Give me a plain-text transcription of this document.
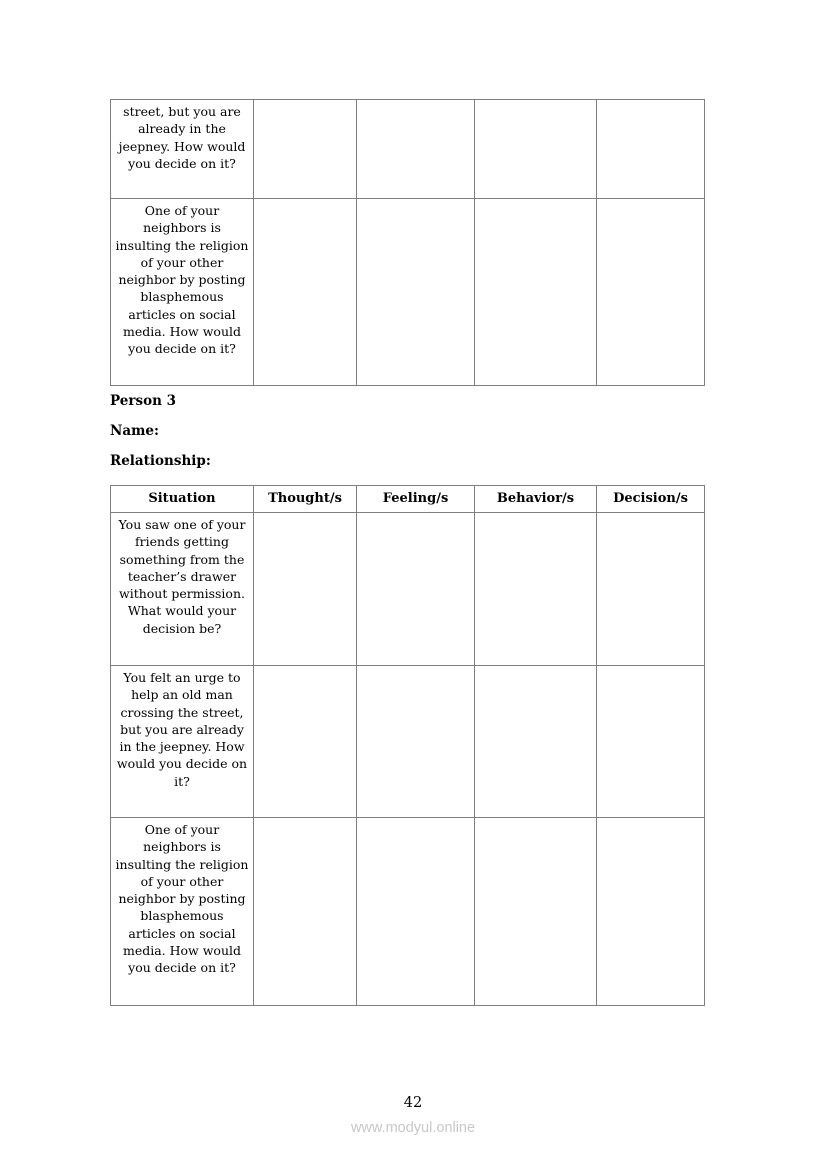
street, but you are already in the jeepney. How would you decide on it?				
One of your neighbors is insulting the religion of your other neighbor by posting blasphemous articles on social media. How would you decide on it?				
Person 3
Name:
Relationship:
Situation	Thought/s	Feeling/s	Behavior/s	Decision/s
You saw one of your friends getting something from the teacher’s drawer without permission. What would your decision be?				
You felt an urge to help an old man crossing the street, but you are already in the jeepney. How would you decide on it?				
One of your neighbors is insulting the religion of your other neighbor by posting blasphemous articles on social media. How would you decide on it?				
42
www.modyul.online
